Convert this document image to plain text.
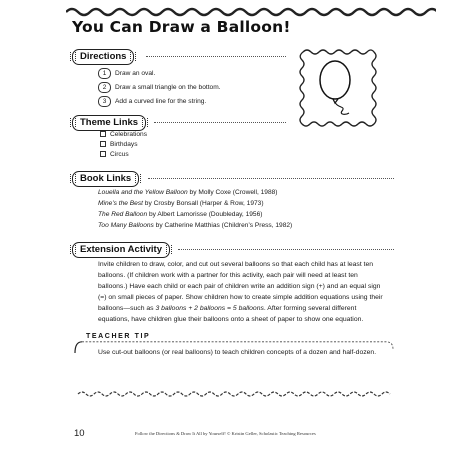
You Can Draw a Balloon!
Directions
1	Draw an oval.
2	Draw a small triangle on the bottom.
3	Add a curved line for the string.
Theme Links
Celebrations
Birthdays
Circus
Book Links
Louella and the Yellow Balloon by Molly Coxe (Crowell, 1988)
Mine’s the Best by Crosby Bonsall (Harper & Row, 1973)
The Red Balloon by Albert Lamorisse (Doubleday, 1956)
Too Many Balloons by Catherine Matthias (Children’s Press, 1982)
Extension Activity
Invite children to draw, color, and cut out several balloons so that each child has at least ten balloons. (If children work with a partner for this activity, each pair will need at least ten balloons.) Have each child or each pair of children write an addition sign (+) and an equal sign (=) on small pieces of paper. Show children how to create simple addition equations using their balloons—such as 3 balloons + 2 balloons = 5 balloons. After forming several different equations, have children glue their balloons onto a sheet of paper to show one equation.
TEACHER TIP
Use cut-out balloons (or real balloons) to teach children concepts of a dozen and half-dozen.
10	Follow the Directions & Draw It All by Yourself! © Kristin Geller, Scholastic Teaching Resources
